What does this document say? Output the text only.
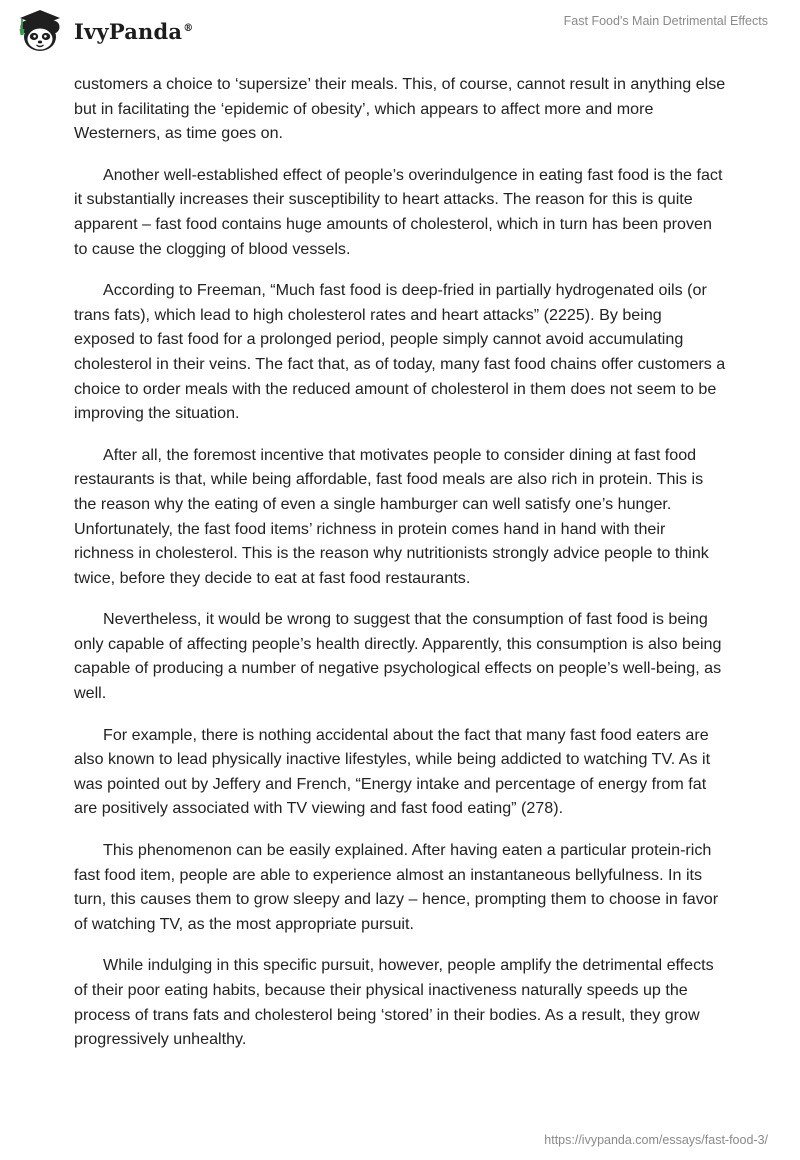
IvyPanda®	Fast Food's Main Detrimental Effects

customers a choice to ‘supersize’ their meals. This, of course, cannot result in anything else but in facilitating the ‘epidemic of obesity’, which appears to affect more and more Westerners, as time goes on.

Another well-established effect of people’s overindulgence in eating fast food is the fact it substantially increases their susceptibility to heart attacks. The reason for this is quite apparent – fast food contains huge amounts of cholesterol, which in turn has been proven to cause the clogging of blood vessels.

According to Freeman, “Much fast food is deep-fried in partially hydrogenated oils (or trans fats), which lead to high cholesterol rates and heart attacks” (2225). By being exposed to fast food for a prolonged period, people simply cannot avoid accumulating cholesterol in their veins. The fact that, as of today, many fast food chains offer customers a choice to order meals with the reduced amount of cholesterol in them does not seem to be improving the situation.

After all, the foremost incentive that motivates people to consider dining at fast food restaurants is that, while being affordable, fast food meals are also rich in protein. This is the reason why the eating of even a single hamburger can well satisfy one’s hunger. Unfortunately, the fast food items’ richness in protein comes hand in hand with their richness in cholesterol. This is the reason why nutritionists strongly advice people to think twice, before they decide to eat at fast food restaurants.

Nevertheless, it would be wrong to suggest that the consumption of fast food is being only capable of affecting people’s health directly. Apparently, this consumption is also being capable of producing a number of negative psychological effects on people’s well-being, as well.

For example, there is nothing accidental about the fact that many fast food eaters are also known to lead physically inactive lifestyles, while being addicted to watching TV. As it was pointed out by Jeffery and French, “Energy intake and percentage of energy from fat are positively associated with TV viewing and fast food eating” (278).

This phenomenon can be easily explained. After having eaten a particular protein-rich fast food item, people are able to experience almost an instantaneous bellyfulness. In its turn, this causes them to grow sleepy and lazy – hence, prompting them to choose in favor of watching TV, as the most appropriate pursuit.

While indulging in this specific pursuit, however, people amplify the detrimental effects of their poor eating habits, because their physical inactiveness naturally speeds up the process of trans fats and cholesterol being ‘stored’ in their bodies. As a result, they grow progressively unhealthy.

https://ivypanda.com/essays/fast-food-3/
